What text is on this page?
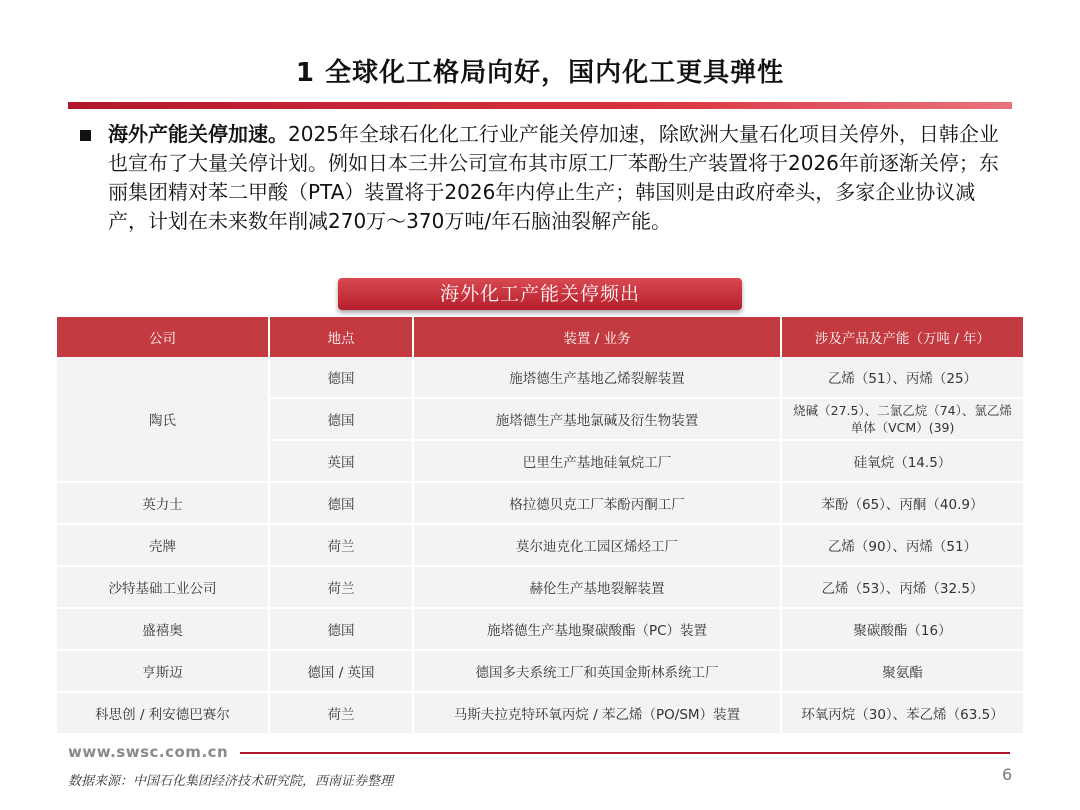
1 全球化工格局向好，国内化工更具弹性
海外产能关停加速。2025年全球石化化工行业产能关停加速，除欧洲大量石化项目关停外，日韩企业也宣布了大量关停计划。例如日本三井公司宣布其市原工厂苯酚生产装置将于2026年前逐渐关停；东丽集团精对苯二甲酸（PTA）装置将于2026年内停止生产；韩国则是由政府牵头，多家企业协议减产，计划在未来数年削减270万～370万吨/年石脑油裂解产能。
海外化工产能关停频出
公司	地点	装置 / 业务	涉及产品及产能（万吨 / 年）
陶氏	德国	施塔德生产基地乙烯裂解装置	乙烯（51）、丙烯（25）
	德国	施塔德生产基地氯碱及衍生物装置	烧碱（27.5）、二氯乙烷（74）、氯乙烯单体（VCM）(39)
	英国	巴里生产基地硅氧烷工厂	硅氧烷（14.5）
英力士	德国	格拉德贝克工厂苯酚丙酮工厂	苯酚（65）、丙酮（40.9）
壳牌	荷兰	莫尔迪克化工园区烯烃工厂	乙烯（90）、丙烯（51）
沙特基础工业公司	荷兰	赫伦生产基地裂解装置	乙烯（53）、丙烯（32.5）
盛禧奥	德国	施塔德生产基地聚碳酸酯（PC）装置	聚碳酸酯（16）
亨斯迈	德国 / 英国	德国多夫系统工厂和英国金斯林系统工厂	聚氨酯
科思创 / 利安德巴赛尔	荷兰	马斯夫拉克特环氧丙烷 / 苯乙烯（PO/SM）装置	环氧丙烷（30）、苯乙烯（63.5）
www.swsc.com.cn
数据来源：中国石化集团经济技术研究院，西南证券整理	6
